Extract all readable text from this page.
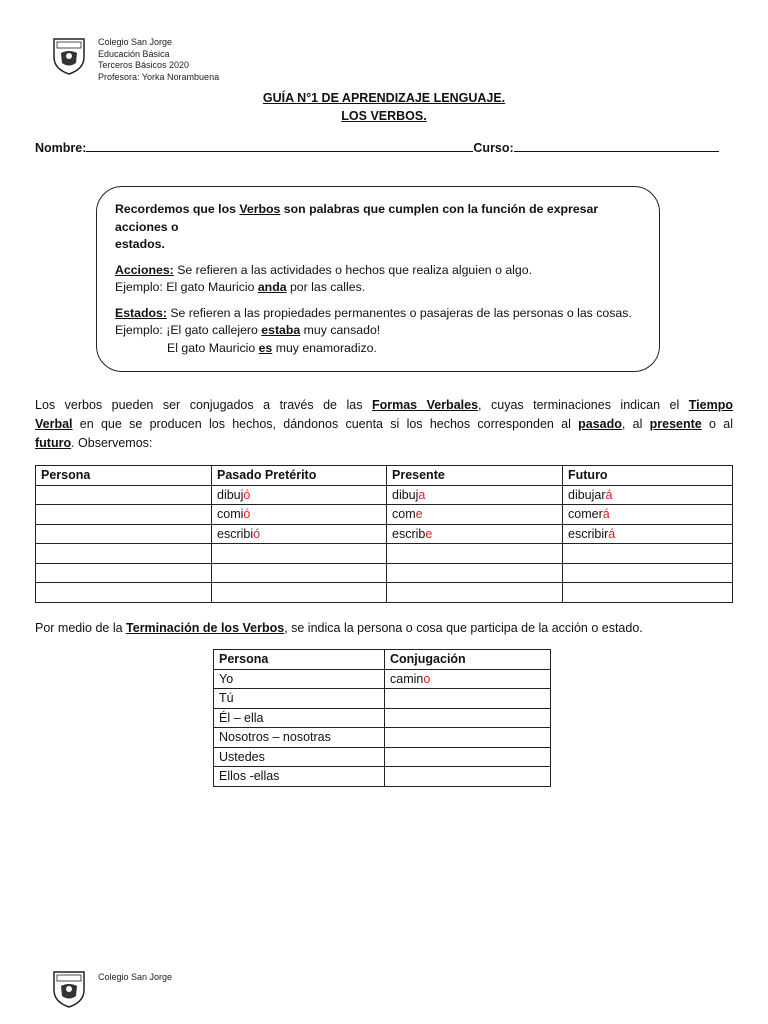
Colegio San Jorge
Educación Básica
Terceros Básicos 2020
Profesora: Yorka Norambuena
GUÍA N°1 DE APRENDIZAJE LENGUAJE.
LOS VERBOS.
Nombre:	Curso:

Recordemos que los Verbos son palabras que cumplen con la función de expresar acciones o

estados.

Acciones: Se refieren a las actividades o hechos que realiza alguien o algo.

Ejemplo: El gato Mauricio anda por las calles.

Estados: Se refieren a las propiedades permanentes o pasajeras de las personas o las cosas.

Ejemplo: ¡El gato callejero estaba muy cansado!

El gato Mauricio es muy enamoradizo.

Los verbos pueden ser conjugados a través de las Formas Verbales, cuyas terminaciones indican el Tiempo
Verbal en que se producen los hechos, dándonos cuenta si los hechos corresponden al pasado, al presente o al
futuro. Observemos:
Persona	Pasado Pretérito	Presente	Futuro
	dibujó	dibuja	dibujará
	comió	come	comerá
	escribió	escribe	escribirá

Por medio de la Terminación de los Verbos, se indica la persona o cosa que participa de la acción o estado.
Persona	Conjugación
Yo	camino
Tú	
Él – ella	
Nosotros – nosotras	
Ustedes	
Ellos -ellas	
Colegio San Jorge
